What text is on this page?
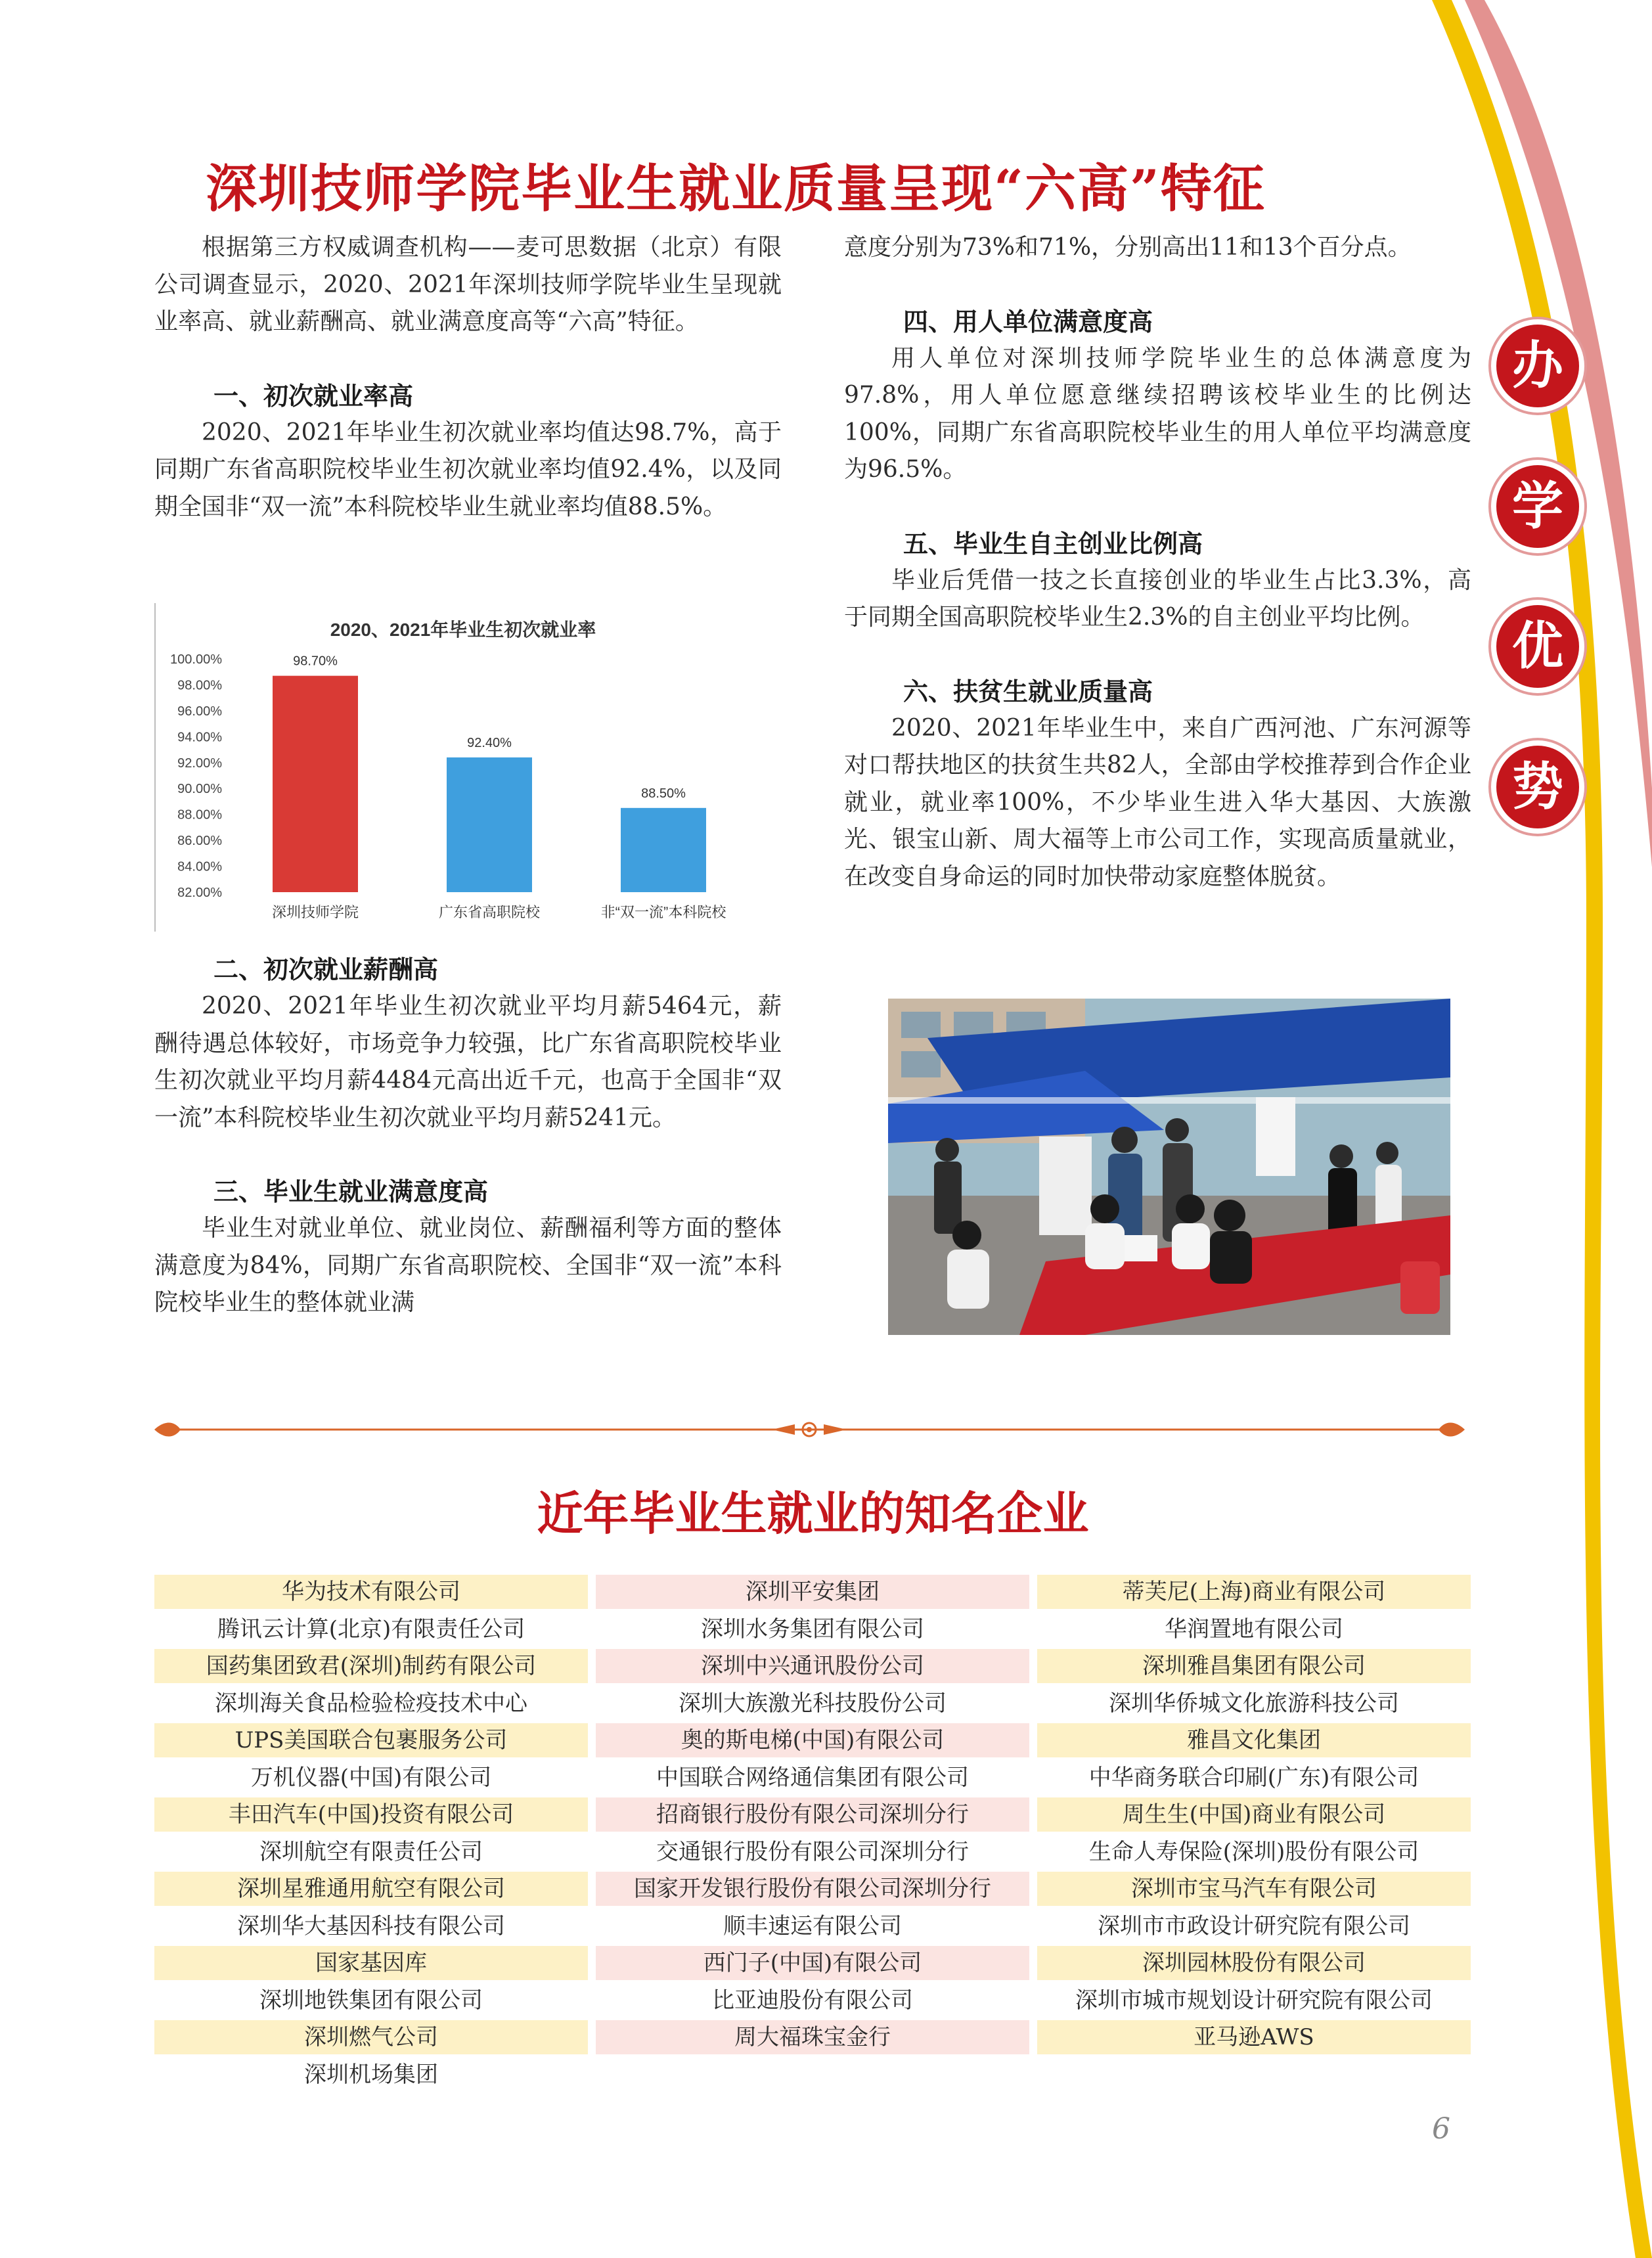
办
学
优
势
深圳技师学院毕业生就业质量呈现“六高”特征

根据第三方权威调查机构——麦可思数据（北京）有限公司调查显示，2020、2021年深圳技师学院毕业生呈现就业率高、就业薪酬高、就业满意度高等“六高”特征。

一、初次就业率高

2020、2021年毕业生初次就业率均值达98.7%，高于同期广东省高职院校毕业生初次就业率均值92.4%，以及同期全国非“双一流”本科院校毕业生就业率均值88.5%。

2020、2021年毕业生初次就业率
100.00%
98.00%
96.00%
94.00%
92.00%
90.00%
88.00%
86.00%
84.00%
82.00%
98.70%
92.40%
88.50%
深圳技师学院	广东省高职院校	非“双一流”本科院校
二、初次就业薪酬高

2020、2021年毕业生初次就业平均月薪5464元，薪酬待遇总体较好，市场竞争力较强，比广东省高职院校毕业生初次就业平均月薪4484元高出近千元，也高于全国非“双一流”本科院校毕业生初次就业平均月薪5241元。

三、毕业生就业满意度高

毕业生对就业单位、就业岗位、薪酬福利等方面的整体满意度为84%，同期广东省高职院校、全国非“双一流”本科院校毕业生的整体就业满

意度分别为73%和71%，分别高出11和13个百分点。

四、用人单位满意度高

用人单位对深圳技师学院毕业生的总体满意度为97.8%，用人单位愿意继续招聘该校毕业生的比例达100%，同期广东省高职院校毕业生的用人单位平均满意度为96.5%。

五、毕业生自主创业比例高

毕业后凭借一技之长直接创业的毕业生占比3.3%，高于同期全国高职院校毕业生2.3%的自主创业平均比例。

六、扶贫生就业质量高

2020、2021年毕业生中，来自广西河池、广东河源等对口帮扶地区的扶贫生共82人，全部由学校推荐到合作企业就业，就业率100%，不少毕业生进入华大基因、大族激光、银宝山新、周大福等上市公司工作，实现高质量就业，在改变自身命运的同时加快带动家庭整体脱贫。

近年毕业生就业的知名企业
华为技术有限公司	深圳平安集团	蒂芙尼(上海)商业有限公司
腾讯云计算(北京)有限责任公司	深圳水务集团有限公司	华润置地有限公司
国药集团致君(深圳)制药有限公司	深圳中兴通讯股份公司	深圳雅昌集团有限公司
深圳海关食品检验检疫技术中心	深圳大族激光科技股份公司	深圳华侨城文化旅游科技公司
UPS美国联合包裹服务公司	奥的斯电梯(中国)有限公司	雅昌文化集团
万机仪器(中国)有限公司	中国联合网络通信集团有限公司	中华商务联合印刷(广东)有限公司
丰田汽车(中国)投资有限公司	招商银行股份有限公司深圳分行	周生生(中国)商业有限公司
深圳航空有限责任公司	交通银行股份有限公司深圳分行	生命人寿保险(深圳)股份有限公司
深圳星雅通用航空有限公司	国家开发银行股份有限公司深圳分行	深圳市宝马汽车有限公司
深圳华大基因科技有限公司	顺丰速运有限公司	深圳市市政设计研究院有限公司
国家基因库	西门子(中国)有限公司	深圳园林股份有限公司
深圳地铁集团有限公司	比亚迪股份有限公司	深圳市城市规划设计研究院有限公司
深圳燃气公司	周大福珠宝金行	亚马逊AWS
深圳机场集团
6
